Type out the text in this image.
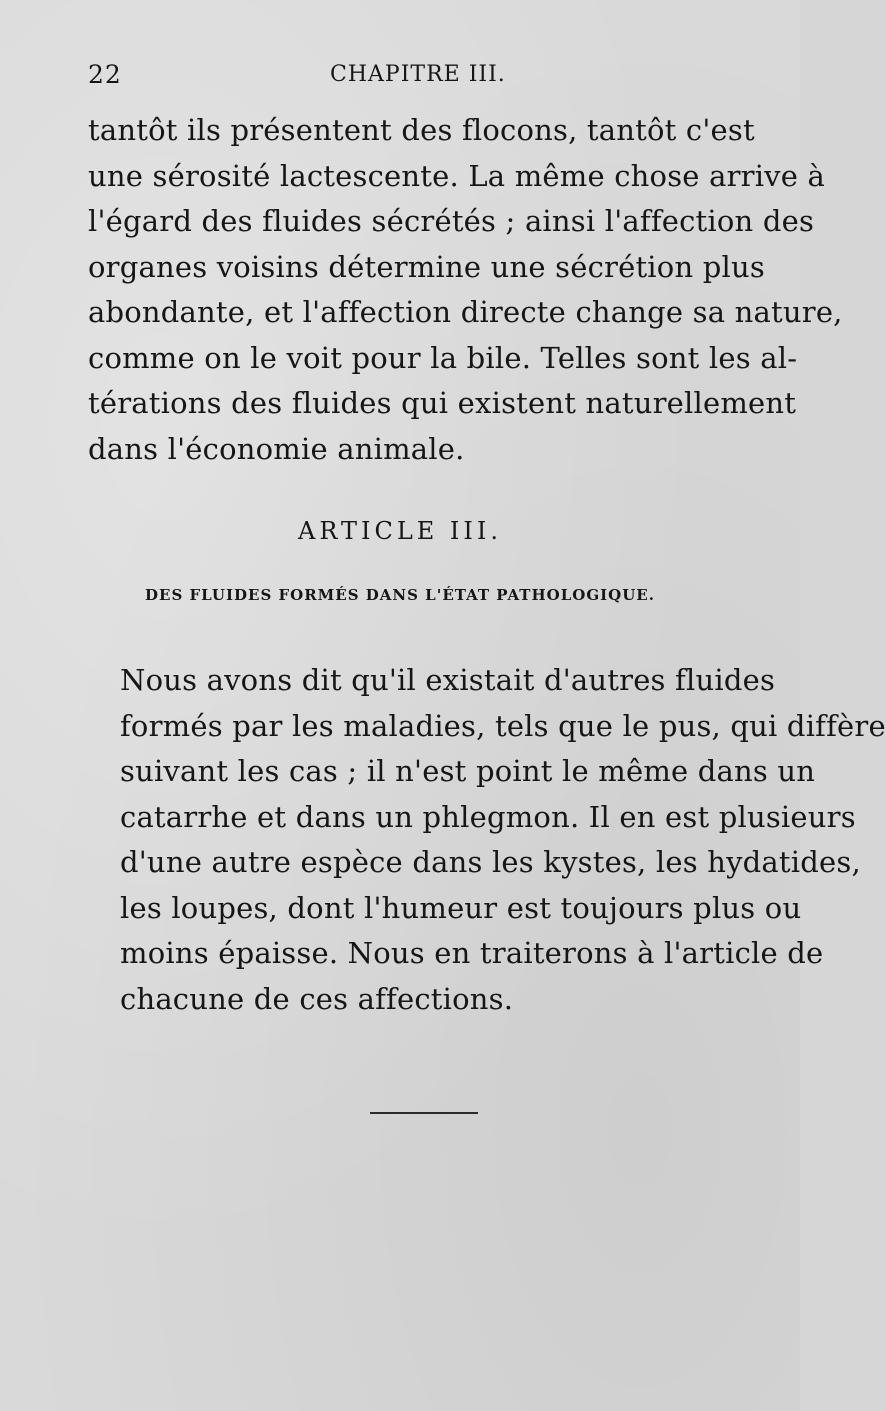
22	CHAPITRE III.

tantôt ils présentent des flocons, tantôt c'est
une sérosité lactescente. La même chose arrive à
l'égard des fluides sécrétés ; ainsi l'affection des
organes voisins détermine une sécrétion plus
abondante, et l'affection directe change sa nature,
comme on le voit pour la bile. Telles sont les al-
térations des fluides qui existent naturellement
dans l'économie animale.

ARTICLE III.
DES FLUIDES FORMÉS DANS L'ÉTAT PATHOLOGIQUE.

Nous avons dit qu'il existait d'autres fluides
formés par les maladies, tels que le pus, qui diffère
suivant les cas ; il n'est point le même dans un
catarrhe et dans un phlegmon. Il en est plusieurs
d'une autre espèce dans les kystes, les hydatides,
les loupes, dont l'humeur est toujours plus ou
moins épaisse. Nous en traiterons à l'article de
chacune de ces affections.
